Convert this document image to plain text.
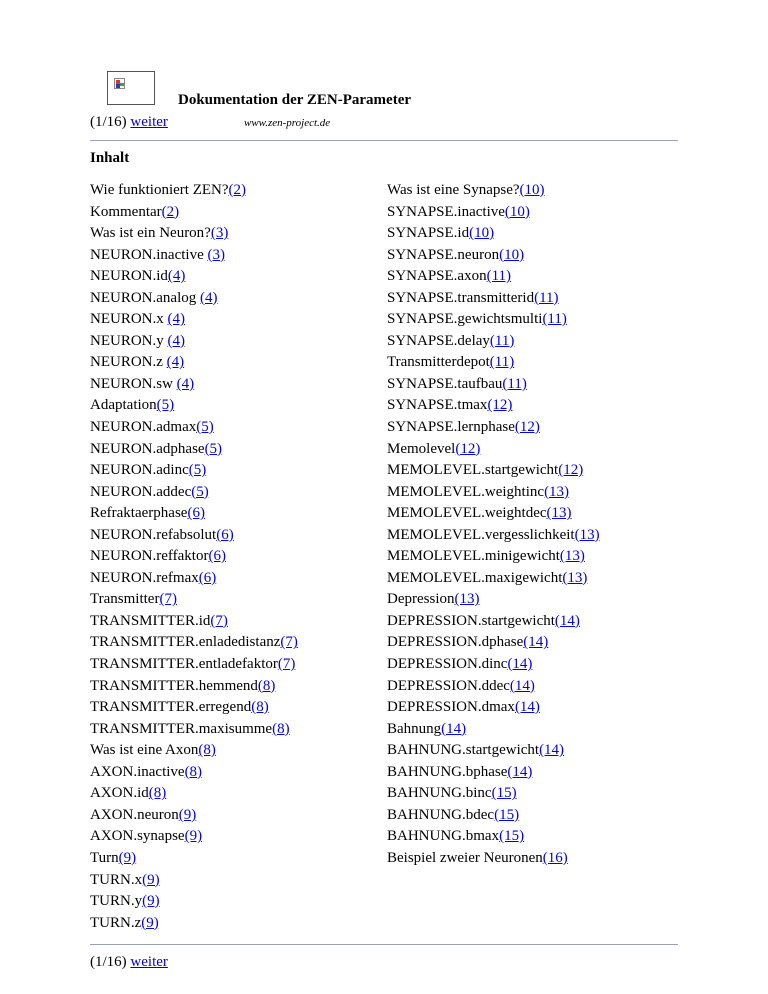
Dokumentation der ZEN-Parameter
(1/16) weiter	www.zen-project.de
Inhalt
Wie funktioniert ZEN?(2)
Kommentar(2)
Was ist ein Neuron?(3)
NEURON.inactive (3)
NEURON.id(4)
NEURON.analog (4)
NEURON.x (4)
NEURON.y (4)
NEURON.z (4)
NEURON.sw (4)
Adaptation(5)
NEURON.admax(5)
NEURON.adphase(5)
NEURON.adinc(5)
NEURON.addec(5)
Refraktaerphase(6)
NEURON.refabsolut(6)
NEURON.reffaktor(6)
NEURON.refmax(6)
Transmitter(7)
TRANSMITTER.id(7)
TRANSMITTER.enladedistanz(7)
TRANSMITTER.entladefaktor(7)
TRANSMITTER.hemmend(8)
TRANSMITTER.erregend(8)
TRANSMITTER.maxisumme(8)
Was ist eine Axon(8)
AXON.inactive(8)
AXON.id(8)
AXON.neuron(9)
AXON.synapse(9)
Turn(9)
TURN.x(9)
TURN.y(9)
TURN.z(9)
Was ist eine Synapse?(10)
SYNAPSE.inactive(10)
SYNAPSE.id(10)
SYNAPSE.neuron(10)
SYNAPSE.axon(11)
SYNAPSE.transmitterid(11)
SYNAPSE.gewichtsmulti(11)
SYNAPSE.delay(11)
Transmitterdepot(11)
SYNAPSE.taufbau(11)
SYNAPSE.tmax(12)
SYNAPSE.lernphase(12)
Memolevel(12)
MEMOLEVEL.startgewicht(12)
MEMOLEVEL.weightinc(13)
MEMOLEVEL.weightdec(13)
MEMOLEVEL.vergesslichkeit(13)
MEMOLEVEL.minigewicht(13)
MEMOLEVEL.maxigewicht(13)
Depression(13)
DEPRESSION.startgewicht(14)
DEPRESSION.dphase(14)
DEPRESSION.dinc(14)
DEPRESSION.ddec(14)
DEPRESSION.dmax(14)
Bahnung(14)
BAHNUNG.startgewicht(14)
BAHNUNG.bphase(14)
BAHNUNG.binc(15)
BAHNUNG.bdec(15)
BAHNUNG.bmax(15)
Beispiel zweier Neuronen(16)
(1/16) weiter
